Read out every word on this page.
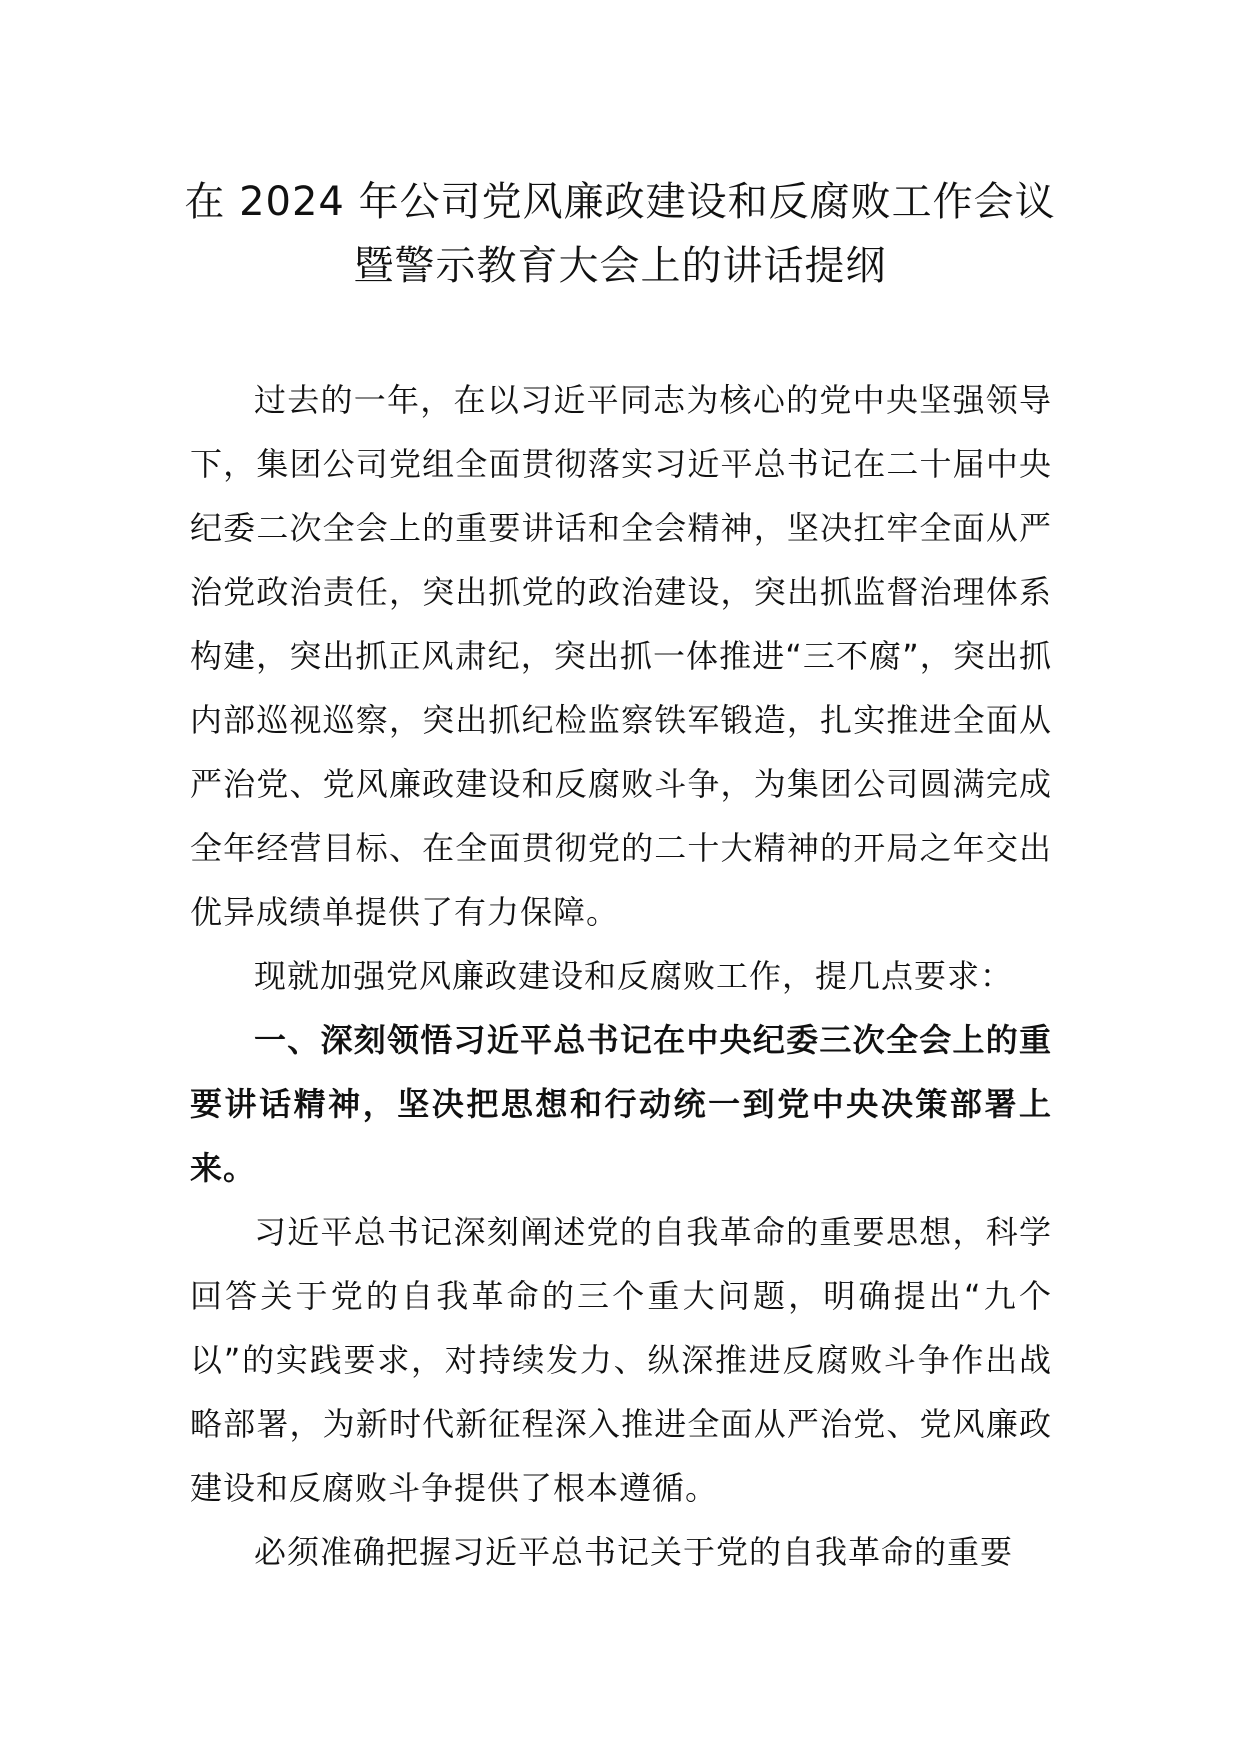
在 2024 年公司党风廉政建设和反腐败工作会议

暨警示教育大会上的讲话提纲

过去的一年，在以习近平同志为核心的党中央坚强领导下，集团公司党组全面贯彻落实习近平总书记在二十届中央纪委二次全会上的重要讲话和全会精神，坚决扛牢全面从严治党政治责任，突出抓党的政治建设，突出抓监督治理体系构建，突出抓正风肃纪，突出抓一体推进“三不腐”，突出抓内部巡视巡察，突出抓纪检监察铁军锻造，扎实推进全面从严治党、党风廉政建设和反腐败斗争，为集团公司圆满完成全年经营目标、在全面贯彻党的二十大精神的开局之年交出优异成绩单提供了有力保障。

现就加强党风廉政建设和反腐败工作，提几点要求：

一、深刻领悟习近平总书记在中央纪委三次全会上的重要讲话精神，坚决把思想和行动统一到党中央决策部署上来。

习近平总书记深刻阐述党的自我革命的重要思想，科学回答关于党的自我革命的三个重大问题，明确提出“九个以”的实践要求，对持续发力、纵深推进反腐败斗争作出战略部署，为新时代新征程深入推进全面从严治党、党风廉政建设和反腐败斗争提供了根本遵循。

必须准确把握习近平总书记关于党的自我革命的重要
